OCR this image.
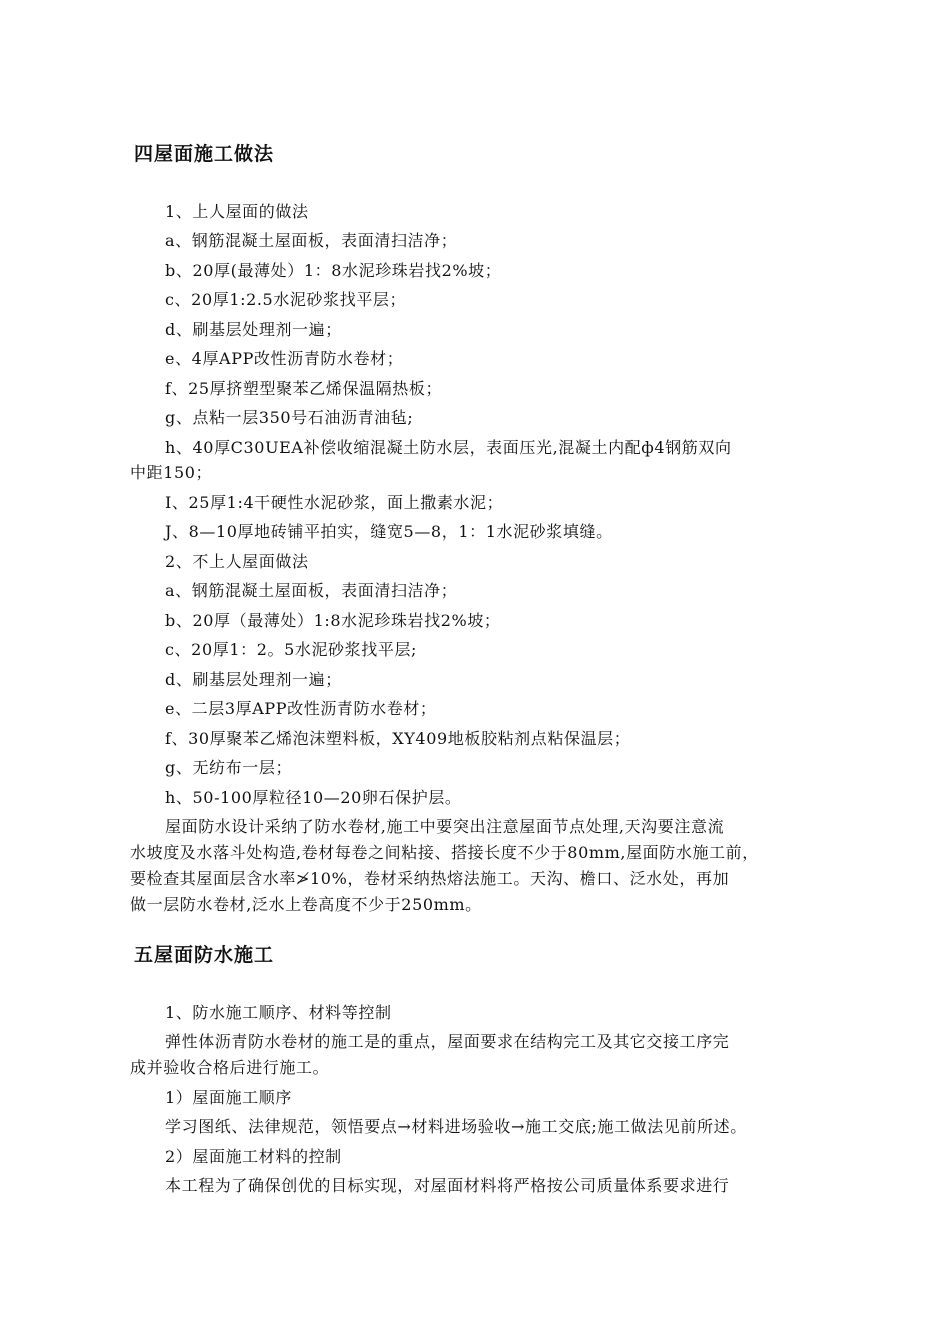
四屋面施工做法
1、上人屋面的做法
a、钢筋混凝土屋面板，表面清扫洁净；
b、20厚(最薄处）1：8水泥珍珠岩找2%坡；
c、20厚1:2.5水泥砂浆找平层；
d、刷基层处理剂一遍；
e、4厚APP改性沥青防水卷材；
f、25厚挤塑型聚苯乙烯保温隔热板；
g、点粘一层350号石油沥青油毡;
h、40厚C30UEA补偿收缩混凝土防水层，表面压光,混凝土内配ф4钢筋双向
中距150；
I、25厚1:4干硬性水泥砂浆，面上撒素水泥；
J、8—10厚地砖铺平拍实，缝宽5—8，1：1水泥砂浆填缝。
2、不上人屋面做法
a、钢筋混凝土屋面板，表面清扫洁净；
b、20厚（最薄处）1:8水泥珍珠岩找2%坡；
c、20厚1：2。5水泥砂浆找平层;
d、刷基层处理剂一遍；
e、二层3厚APP改性沥青防水卷材；
f、30厚聚苯乙烯泡沫塑料板，XY409地板胶粘剂点粘保温层；
g、无纺布一层；
h、50-100厚粒径10—20卵石保护层。
屋面防水设计采纳了防水卷材,施工中要突出注意屋面节点处理,天沟要注意流
水坡度及水落斗处构造,卷材每卷之间粘接、搭接长度不少于80mm,屋面防水施工前，
要检查其屋面层含水率≯10%，卷材采纳热熔法施工。天沟、檐口、泛水处，再加
做一层防水卷材,泛水上卷高度不少于250mm。
五屋面防水施工
1、防水施工顺序、材料等控制
弹性体沥青防水卷材的施工是的重点，屋面要求在结构完工及其它交接工序完
成并验收合格后进行施工。
1）屋面施工顺序
学习图纸、法律规范，领悟要点→材料进场验收→施工交底;施工做法见前所述。
2）屋面施工材料的控制
本工程为了确保创优的目标实现，对屋面材料将严格按公司质量体系要求进行
